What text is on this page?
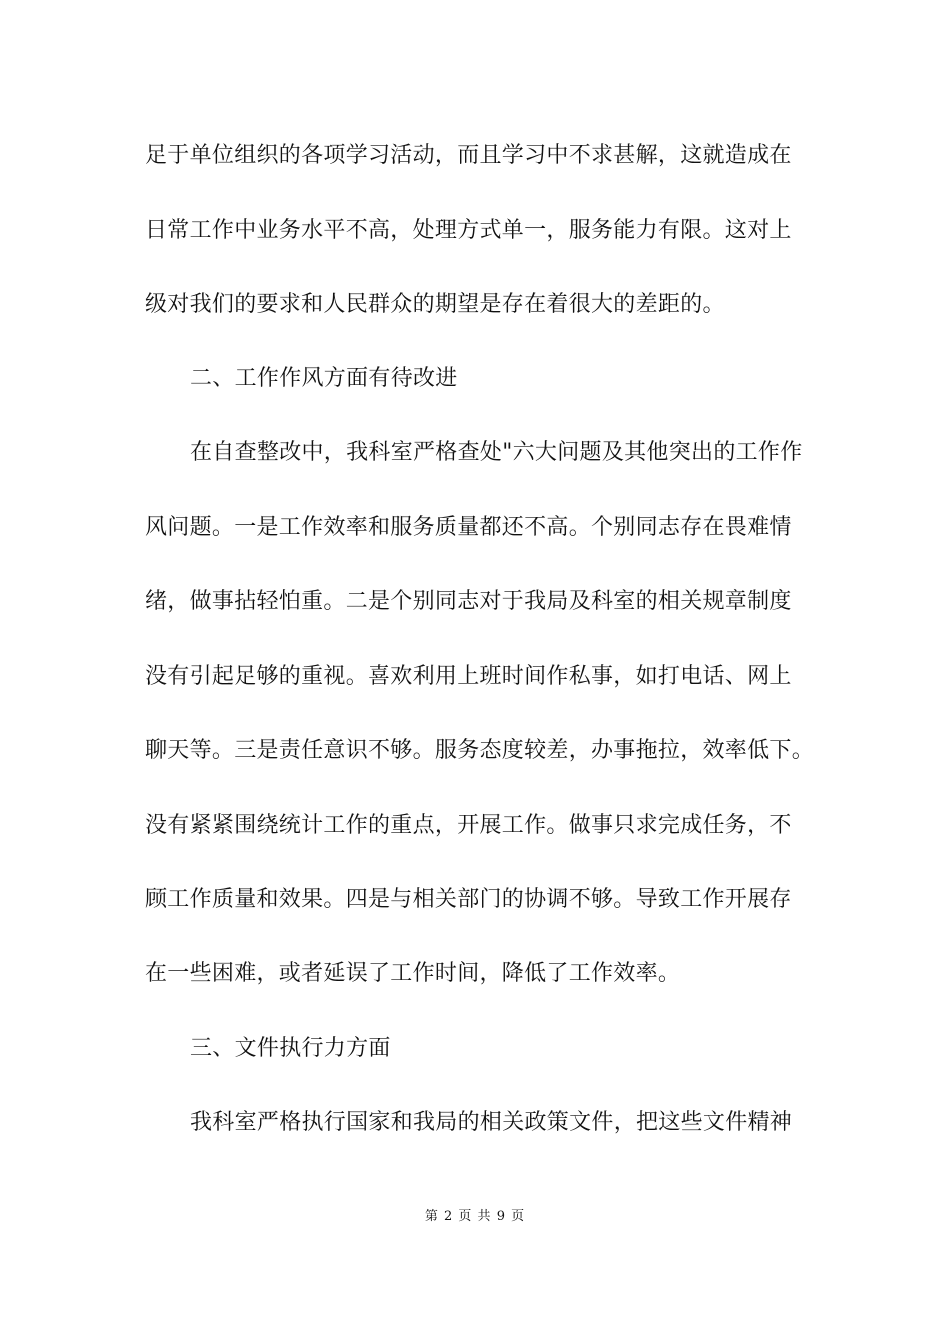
足于单位组织的各项学习活动，而且学习中不求甚解，这就造成在
日常工作中业务水平不高，处理方式单一，服务能力有限。这对上
级对我们的要求和人民群众的期望是存在着很大的差距的。
二、工作作风方面有待改进
在自查整改中，我科室严格查处"六大问题及其他突出的工作作
风问题。一是工作效率和服务质量都还不高。个别同志存在畏难情
绪，做事拈轻怕重。二是个别同志对于我局及科室的相关规章制度
没有引起足够的重视。喜欢利用上班时间作私事，如打电话、网上
聊天等。三是责任意识不够。服务态度较差，办事拖拉，效率低下。
没有紧紧围绕统计工作的重点，开展工作。做事只求完成任务，不
顾工作质量和效果。四是与相关部门的协调不够。导致工作开展存
在一些困难，或者延误了工作时间，降低了工作效率。
三、文件执行力方面
我科室严格执行国家和我局的相关政策文件，把这些文件精神
第 2 页 共 9 页
